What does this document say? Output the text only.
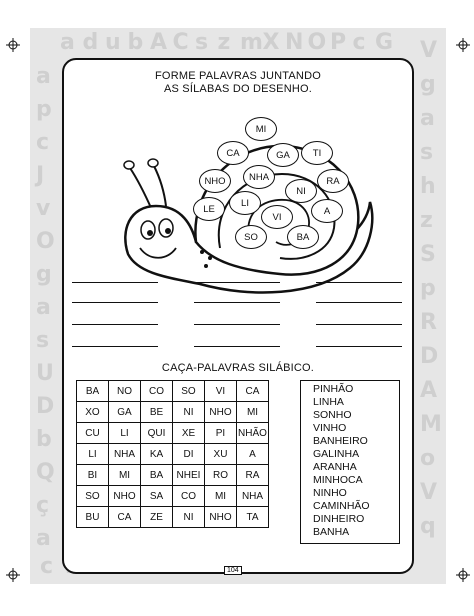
a d u b A C s z m X N O P c G
c
a
p
c
J
v
O
g
a
s
U
D
b
Q
ç
a
V
g
a
s
h
z
S
p
R
D
A
M
o
V
q
FORME PALAVRAS JUNTANDO
AS SÍLABAS DO DESENHO.
CAÇA-PALAVRAS SILÁBICO.
BA	NO	CO	SO	VI	CA
XO	GA	BE	NI	NHO	MI
CU	LI	QUI	XE	PI	NHÃO
LI	NHA	KA	DI	XU	A
BI	MI	BA	NHEI	RO	RA
SO	NHO	SA	CO	MI	NHA
BU	CA	ZE	NI	NHO	TA
PINHÃO
LINHA
SONHO
VINHO
BANHEIRO
GALINHA
ARANHA
MINHOCA
NINHO
CAMINHÃO
DINHEIRO
BANHA
MI
CA	GA	TI
NHO	NHA	RA
NI
LE
LI
A
VI
SO	BA
104
